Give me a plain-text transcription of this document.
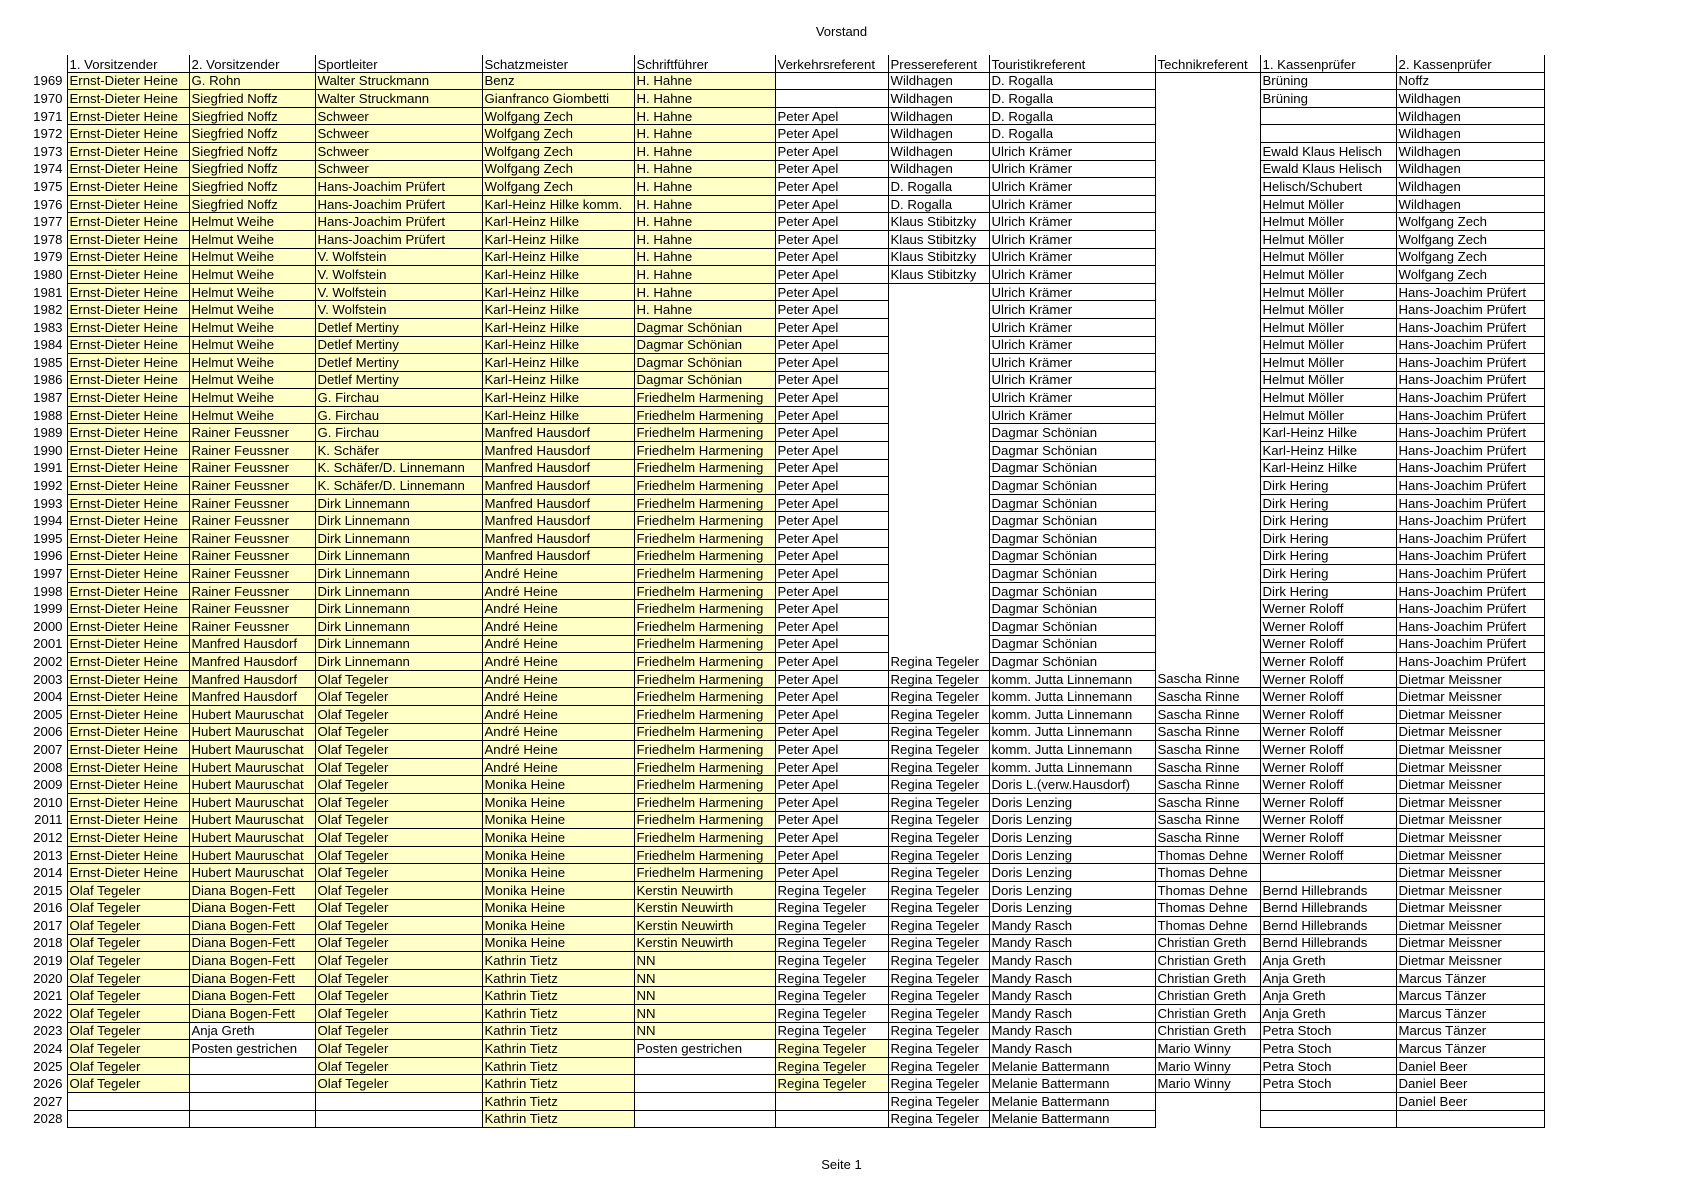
Vorstand
	1. Vorsitzender	2. Vorsitzender	Sportleiter	Schatzmeister	Schriftführer	Verkehrsreferent	Pressereferent	Touristikreferent	Technikreferent	1. Kassenprüfer	2. Kassenprüfer
1969	Ernst-Dieter Heine	G. Rohn	Walter Struckmann	Benz	H. Hahne		Wildhagen	D. Rogalla		Brüning	Noffz
1970	Ernst-Dieter Heine	Siegfried Noffz	Walter Struckmann	Gianfranco Giombetti	H. Hahne		Wildhagen	D. Rogalla		Brüning	Wildhagen
1971	Ernst-Dieter Heine	Siegfried Noffz	Schweer	Wolfgang Zech	H. Hahne	Peter Apel	Wildhagen	D. Rogalla			Wildhagen
1972	Ernst-Dieter Heine	Siegfried Noffz	Schweer	Wolfgang Zech	H. Hahne	Peter Apel	Wildhagen	D. Rogalla			Wildhagen
1973	Ernst-Dieter Heine	Siegfried Noffz	Schweer	Wolfgang Zech	H. Hahne	Peter Apel	Wildhagen	Ulrich Krämer		Ewald Klaus Helisch	Wildhagen
1974	Ernst-Dieter Heine	Siegfried Noffz	Schweer	Wolfgang Zech	H. Hahne	Peter Apel	Wildhagen	Ulrich Krämer		Ewald Klaus Helisch	Wildhagen
1975	Ernst-Dieter Heine	Siegfried Noffz	Hans-Joachim Prüfert	Wolfgang Zech	H. Hahne	Peter Apel	D. Rogalla	Ulrich Krämer		Helisch/Schubert	Wildhagen
1976	Ernst-Dieter Heine	Siegfried Noffz	Hans-Joachim Prüfert	Karl-Heinz Hilke komm.	H. Hahne	Peter Apel	D. Rogalla	Ulrich Krämer		Helmut Möller	Wildhagen
1977	Ernst-Dieter Heine	Helmut Weihe	Hans-Joachim Prüfert	Karl-Heinz Hilke	H. Hahne	Peter Apel	Klaus Stibitzky	Ulrich Krämer		Helmut Möller	Wolfgang Zech
1978	Ernst-Dieter Heine	Helmut Weihe	Hans-Joachim Prüfert	Karl-Heinz Hilke	H. Hahne	Peter Apel	Klaus Stibitzky	Ulrich Krämer		Helmut Möller	Wolfgang Zech
1979	Ernst-Dieter Heine	Helmut Weihe	V. Wolfstein	Karl-Heinz Hilke	H. Hahne	Peter Apel	Klaus Stibitzky	Ulrich Krämer		Helmut Möller	Wolfgang Zech
1980	Ernst-Dieter Heine	Helmut Weihe	V. Wolfstein	Karl-Heinz Hilke	H. Hahne	Peter Apel	Klaus Stibitzky	Ulrich Krämer		Helmut Möller	Wolfgang Zech
1981	Ernst-Dieter Heine	Helmut Weihe	V. Wolfstein	Karl-Heinz Hilke	H. Hahne	Peter Apel		Ulrich Krämer		Helmut Möller	Hans-Joachim Prüfert
1982	Ernst-Dieter Heine	Helmut Weihe	V. Wolfstein	Karl-Heinz Hilke	H. Hahne	Peter Apel		Ulrich Krämer		Helmut Möller	Hans-Joachim Prüfert
1983	Ernst-Dieter Heine	Helmut Weihe	Detlef Mertiny	Karl-Heinz Hilke	Dagmar Schönian	Peter Apel		Ulrich Krämer		Helmut Möller	Hans-Joachim Prüfert
1984	Ernst-Dieter Heine	Helmut Weihe	Detlef Mertiny	Karl-Heinz Hilke	Dagmar Schönian	Peter Apel		Ulrich Krämer		Helmut Möller	Hans-Joachim Prüfert
1985	Ernst-Dieter Heine	Helmut Weihe	Detlef Mertiny	Karl-Heinz Hilke	Dagmar Schönian	Peter Apel		Ulrich Krämer		Helmut Möller	Hans-Joachim Prüfert
1986	Ernst-Dieter Heine	Helmut Weihe	Detlef Mertiny	Karl-Heinz Hilke	Dagmar Schönian	Peter Apel		Ulrich Krämer		Helmut Möller	Hans-Joachim Prüfert
1987	Ernst-Dieter Heine	Helmut Weihe	G. Firchau	Karl-Heinz Hilke	Friedhelm Harmening	Peter Apel		Ulrich Krämer		Helmut Möller	Hans-Joachim Prüfert
1988	Ernst-Dieter Heine	Helmut Weihe	G. Firchau	Karl-Heinz Hilke	Friedhelm Harmening	Peter Apel		Ulrich Krämer		Helmut Möller	Hans-Joachim Prüfert
1989	Ernst-Dieter Heine	Rainer Feussner	G. Firchau	Manfred Hausdorf	Friedhelm Harmening	Peter Apel		Dagmar Schönian		Karl-Heinz Hilke	Hans-Joachim Prüfert
1990	Ernst-Dieter Heine	Rainer Feussner	K. Schäfer	Manfred Hausdorf	Friedhelm Harmening	Peter Apel		Dagmar Schönian		Karl-Heinz Hilke	Hans-Joachim Prüfert
1991	Ernst-Dieter Heine	Rainer Feussner	K. Schäfer/D. Linnemann	Manfred Hausdorf	Friedhelm Harmening	Peter Apel		Dagmar Schönian		Karl-Heinz Hilke	Hans-Joachim Prüfert
1992	Ernst-Dieter Heine	Rainer Feussner	K. Schäfer/D. Linnemann	Manfred Hausdorf	Friedhelm Harmening	Peter Apel		Dagmar Schönian		Dirk Hering	Hans-Joachim Prüfert
1993	Ernst-Dieter Heine	Rainer Feussner	Dirk Linnemann	Manfred Hausdorf	Friedhelm Harmening	Peter Apel		Dagmar Schönian		Dirk Hering	Hans-Joachim Prüfert
1994	Ernst-Dieter Heine	Rainer Feussner	Dirk Linnemann	Manfred Hausdorf	Friedhelm Harmening	Peter Apel		Dagmar Schönian		Dirk Hering	Hans-Joachim Prüfert
1995	Ernst-Dieter Heine	Rainer Feussner	Dirk Linnemann	Manfred Hausdorf	Friedhelm Harmening	Peter Apel		Dagmar Schönian		Dirk Hering	Hans-Joachim Prüfert
1996	Ernst-Dieter Heine	Rainer Feussner	Dirk Linnemann	Manfred Hausdorf	Friedhelm Harmening	Peter Apel		Dagmar Schönian		Dirk Hering	Hans-Joachim Prüfert
1997	Ernst-Dieter Heine	Rainer Feussner	Dirk Linnemann	André Heine	Friedhelm Harmening	Peter Apel		Dagmar Schönian		Dirk Hering	Hans-Joachim Prüfert
1998	Ernst-Dieter Heine	Rainer Feussner	Dirk Linnemann	André Heine	Friedhelm Harmening	Peter Apel		Dagmar Schönian		Dirk Hering	Hans-Joachim Prüfert
1999	Ernst-Dieter Heine	Rainer Feussner	Dirk Linnemann	André Heine	Friedhelm Harmening	Peter Apel		Dagmar Schönian		Werner Roloff	Hans-Joachim Prüfert
2000	Ernst-Dieter Heine	Rainer Feussner	Dirk Linnemann	André Heine	Friedhelm Harmening	Peter Apel		Dagmar Schönian		Werner Roloff	Hans-Joachim Prüfert
2001	Ernst-Dieter Heine	Manfred Hausdorf	Dirk Linnemann	André Heine	Friedhelm Harmening	Peter Apel		Dagmar Schönian		Werner Roloff	Hans-Joachim Prüfert
2002	Ernst-Dieter Heine	Manfred Hausdorf	Dirk Linnemann	André Heine	Friedhelm Harmening	Peter Apel	Regina Tegeler	Dagmar Schönian		Werner Roloff	Hans-Joachim Prüfert
2003	Ernst-Dieter Heine	Manfred Hausdorf	Olaf Tegeler	André Heine	Friedhelm Harmening	Peter Apel	Regina Tegeler	komm. Jutta Linnemann	Sascha Rinne	Werner Roloff	Dietmar Meissner
2004	Ernst-Dieter Heine	Manfred Hausdorf	Olaf Tegeler	André Heine	Friedhelm Harmening	Peter Apel	Regina Tegeler	komm. Jutta Linnemann	Sascha Rinne	Werner Roloff	Dietmar Meissner
2005	Ernst-Dieter Heine	Hubert Mauruschat	Olaf Tegeler	André Heine	Friedhelm Harmening	Peter Apel	Regina Tegeler	komm. Jutta Linnemann	Sascha Rinne	Werner Roloff	Dietmar Meissner
2006	Ernst-Dieter Heine	Hubert Mauruschat	Olaf Tegeler	André Heine	Friedhelm Harmening	Peter Apel	Regina Tegeler	komm. Jutta Linnemann	Sascha Rinne	Werner Roloff	Dietmar Meissner
2007	Ernst-Dieter Heine	Hubert Mauruschat	Olaf Tegeler	André Heine	Friedhelm Harmening	Peter Apel	Regina Tegeler	komm. Jutta Linnemann	Sascha Rinne	Werner Roloff	Dietmar Meissner
2008	Ernst-Dieter Heine	Hubert Mauruschat	Olaf Tegeler	André Heine	Friedhelm Harmening	Peter Apel	Regina Tegeler	komm. Jutta Linnemann	Sascha Rinne	Werner Roloff	Dietmar Meissner
2009	Ernst-Dieter Heine	Hubert Mauruschat	Olaf Tegeler	Monika Heine	Friedhelm Harmening	Peter Apel	Regina Tegeler	Doris L.(verw.Hausdorf)	Sascha Rinne	Werner Roloff	Dietmar Meissner
2010	Ernst-Dieter Heine	Hubert Mauruschat	Olaf Tegeler	Monika Heine	Friedhelm Harmening	Peter Apel	Regina Tegeler	Doris Lenzing	Sascha Rinne	Werner Roloff	Dietmar Meissner
2011	Ernst-Dieter Heine	Hubert Mauruschat	Olaf Tegeler	Monika Heine	Friedhelm Harmening	Peter Apel	Regina Tegeler	Doris Lenzing	Sascha Rinne	Werner Roloff	Dietmar Meissner
2012	Ernst-Dieter Heine	Hubert Mauruschat	Olaf Tegeler	Monika Heine	Friedhelm Harmening	Peter Apel	Regina Tegeler	Doris Lenzing	Sascha Rinne	Werner Roloff	Dietmar Meissner
2013	Ernst-Dieter Heine	Hubert Mauruschat	Olaf Tegeler	Monika Heine	Friedhelm Harmening	Peter Apel	Regina Tegeler	Doris Lenzing	Thomas Dehne	Werner Roloff	Dietmar Meissner
2014	Ernst-Dieter Heine	Hubert Mauruschat	Olaf Tegeler	Monika Heine	Friedhelm Harmening	Peter Apel	Regina Tegeler	Doris Lenzing	Thomas Dehne		Dietmar Meissner
2015	Olaf Tegeler	Diana Bogen-Fett	Olaf Tegeler	Monika Heine	Kerstin Neuwirth	Regina Tegeler	Regina Tegeler	Doris Lenzing	Thomas Dehne	Bernd Hillebrands	Dietmar Meissner
2016	Olaf Tegeler	Diana Bogen-Fett	Olaf Tegeler	Monika Heine	Kerstin Neuwirth	Regina Tegeler	Regina Tegeler	Doris Lenzing	Thomas Dehne	Bernd Hillebrands	Dietmar Meissner
2017	Olaf Tegeler	Diana Bogen-Fett	Olaf Tegeler	Monika Heine	Kerstin Neuwirth	Regina Tegeler	Regina Tegeler	Mandy Rasch	Thomas Dehne	Bernd Hillebrands	Dietmar Meissner
2018	Olaf Tegeler	Diana Bogen-Fett	Olaf Tegeler	Monika Heine	Kerstin Neuwirth	Regina Tegeler	Regina Tegeler	Mandy Rasch	Christian Greth	Bernd Hillebrands	Dietmar Meissner
2019	Olaf Tegeler	Diana Bogen-Fett	Olaf Tegeler	Kathrin Tietz	NN	Regina Tegeler	Regina Tegeler	Mandy Rasch	Christian Greth	Anja Greth	Dietmar Meissner
2020	Olaf Tegeler	Diana Bogen-Fett	Olaf Tegeler	Kathrin Tietz	NN	Regina Tegeler	Regina Tegeler	Mandy Rasch	Christian Greth	Anja Greth	Marcus Tänzer
2021	Olaf Tegeler	Diana Bogen-Fett	Olaf Tegeler	Kathrin Tietz	NN	Regina Tegeler	Regina Tegeler	Mandy Rasch	Christian Greth	Anja Greth	Marcus Tänzer
2022	Olaf Tegeler	Diana Bogen-Fett	Olaf Tegeler	Kathrin Tietz	NN	Regina Tegeler	Regina Tegeler	Mandy Rasch	Christian Greth	Anja Greth	Marcus Tänzer
2023	Olaf Tegeler	Anja Greth	Olaf Tegeler	Kathrin Tietz	NN	Regina Tegeler	Regina Tegeler	Mandy Rasch	Christian Greth	Petra Stoch	Marcus Tänzer
2024	Olaf Tegeler	Posten gestrichen	Olaf Tegeler	Kathrin Tietz	Posten gestrichen	Regina Tegeler	Regina Tegeler	Mandy Rasch	Mario Winny	Petra Stoch	Marcus Tänzer
2025	Olaf Tegeler		Olaf Tegeler	Kathrin Tietz		Regina Tegeler	Regina Tegeler	Melanie Battermann	Mario Winny	Petra Stoch	Daniel Beer
2026	Olaf Tegeler		Olaf Tegeler	Kathrin Tietz		Regina Tegeler	Regina Tegeler	Melanie Battermann	Mario Winny	Petra Stoch	Daniel Beer
2027				Kathrin Tietz			Regina Tegeler	Melanie Battermann			Daniel Beer
2028				Kathrin Tietz			Regina Tegeler	Melanie Battermann			
Seite 1
